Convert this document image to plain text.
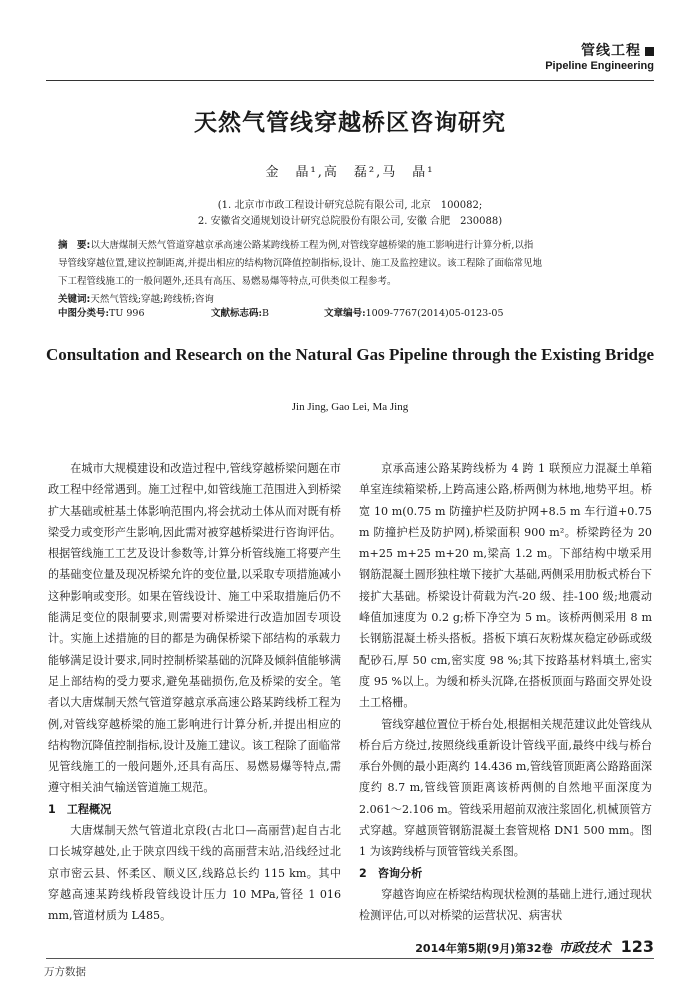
管线工程
Pipeline Engineering
天然气管线穿越桥区咨询研究
金　晶¹,高　磊²,马　晶¹
(1. 北京市市政工程设计研究总院有限公司, 北京　100082;
2. 安徽省交通规划设计研究总院股份有限公司, 安徽 合肥　230088)
摘　要:以大唐煤制天然气管道穿越京承高速公路某跨线桥工程为例,对管线穿越桥梁的施工影响进行计算分析,以指
导管线穿越位置,建议控制距离,并提出相应的结构物沉降值控制指标,设计、施工及监控建议。该工程除了面临常见地
下工程管线施工的一般问题外,还具有高压、易燃易爆等特点,可供类似工程参考。
关键词:天然气管线;穿越;跨线桥;咨询
中图分类号:TU 996	文献标志码:B	文章编号:1009-7767(2014)05-0123-05
Consultation and Research on the Natural Gas Pipeline through the Existing Bridge
Jin Jing, Gao Lei, Ma Jing

在城市大规模建设和改造过程中,管线穿越桥梁问题在市政工程中经常遇到。施工过程中,如管线施工范围进入到桥梁扩大基础或桩基土体影响范围内,将会扰动土体从而对既有桥梁受力或变形产生影响,因此需对被穿越桥梁进行咨询评估。根据管线施工工艺及设计参数等,计算分析管线施工将要产生的基础变位量及现况桥梁允许的变位量,以采取专项措施减小这种影响或变形。如果在管线设计、施工中采取措施后仍不能满足变位的限制要求,则需要对桥梁进行改造加固专项设计。实施上述措施的目的都是为确保桥梁下部结构的承载力能够满足设计要求,同时控制桥梁基础的沉降及倾斜值能够满足上部结构的受力要求,避免基础损伤,危及桥梁的安全。笔者以大唐煤制天然气管道穿越京承高速公路某跨线桥工程为例,对管线穿越桥梁的施工影响进行计算分析,并提出相应的结构物沉降值控制指标,设计及施工建议。该工程除了面临常见管线施工的一般问题外,还具有高压、易燃易爆等特点,需遵守相关油气输送管道施工规范。

1　工程概况

大唐煤制天然气管道北京段(古北口—高丽营)起自古北口长城穿越处,止于陕京四线干线的高丽营末站,沿线经过北京市密云县、怀柔区、顺义区,线路总长约 115 km。其中穿越高速某跨线桥段管线设计压力 10 MPa,管径 1 016 mm,管道材质为 L485。

京承高速公路某跨线桥为 4 跨 1 联预应力混凝土单箱单室连续箱梁桥,上跨高速公路,桥两侧为林地,地势平坦。桥宽 10 m(0.75 m 防撞护栏及防护网+8.5 m 车行道+0.75 m 防撞护栏及防护网),桥梁面积 900 m²。桥梁跨径为 20 m+25 m+25 m+20 m,梁高 1.2 m。下部结构中墩采用钢筋混凝土圆形独柱墩下接扩大基础,两侧采用肋板式桥台下接扩大基础。桥梁设计荷载为汽-20 级、挂-100 级;地震动峰值加速度为 0.2 g;桥下净空为 5 m。该桥两侧采用 8 m 长钢筋混凝土桥头搭板。搭板下填石灰粉煤灰稳定砂砾或级配砂石,厚 50 cm,密实度 98 %;其下按路基材料填土,密实度 95 %以上。为缓和桥头沉降,在搭板顶面与路面交界处设土工格栅。

管线穿越位置位于桥台处,根据相关规范建议此处管线从桥台后方绕过,按照绕线重新设计管线平面,最终中线与桥台承台外侧的最小距离约 14.436 m,管线管顶距离公路路面深度约 8.7 m,管线管顶距离该桥两侧的自然地平面深度为 2.061～2.106 m。管线采用超前双液注浆固化,机械顶管方式穿越。穿越顶管钢筋混凝土套管规格 DN1 500 mm。图 1 为该跨线桥与顶管管线关系图。

2　咨询分析

穿越咨询应在桥梁结构现状检测的基础上进行,通过现状检测评估,可以对桥梁的运营状况、病害状

2014年第5期(9月)第32卷 市政技术 123
万方数据
